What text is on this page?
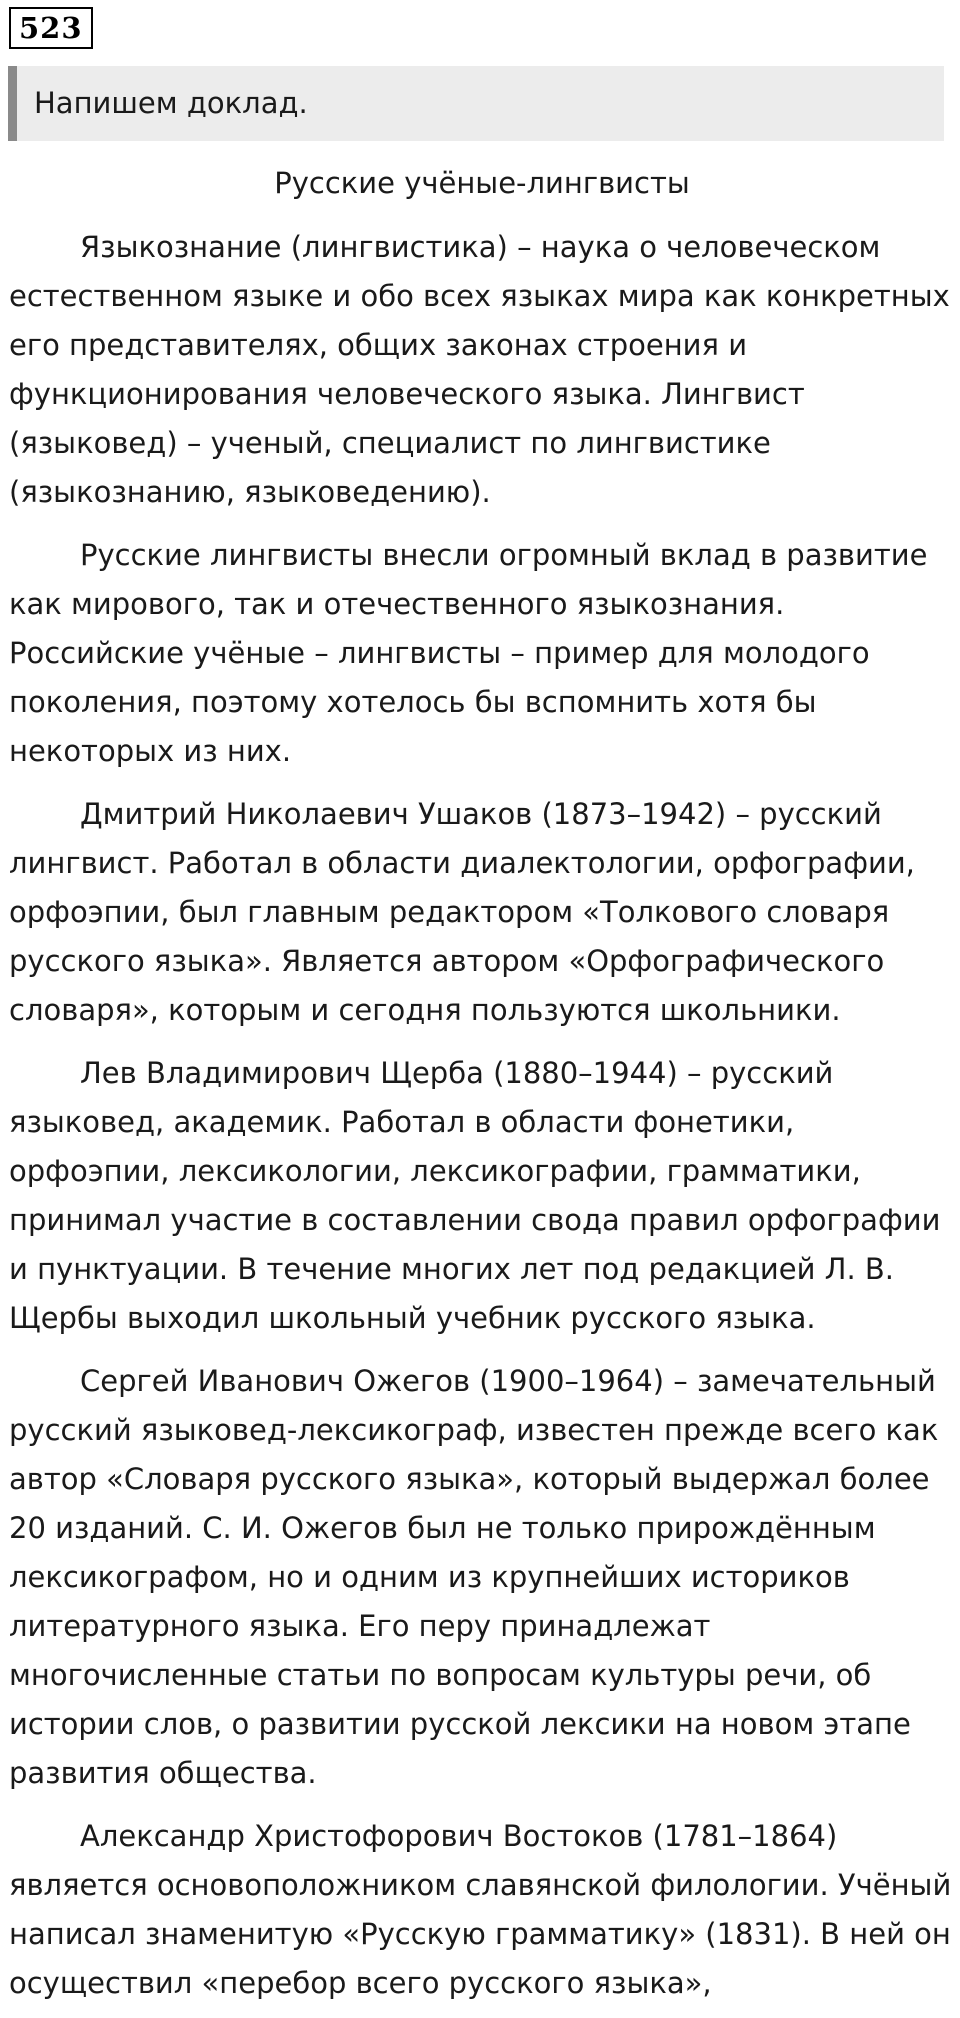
523
Напишем доклад.
Русские учёные-лингвисты

Языкознание (лингвистика) – наука о человеческом естественном языке и обо всех языках мира как конкретных его представителях, общих законах строения и функционирования человеческого языка. Лингвист (языковед) – ученый, специалист по лингвистике (языкознанию, языковедению).

Русские лингвисты внесли огромный вклад в развитие как мирового, так и отечественного языкознания. Российские учёные – лингвисты – пример для молодого поколения, поэтому хотелось бы вспомнить хотя бы некоторых из них.

Дмитрий Николаевич Ушаков (1873–1942) – русский лингвист. Работал в области диалектологии, орфографии, орфоэпии, был главным редактором «Толкового словаря русского языка». Является автором «Орфографического словаря», которым и сегодня пользуются школьники.

Лев Владимирович Щерба (1880–1944) – русский языковед, академик. Работал в области фонетики, орфоэпии, лексикологии, лексикографии, грамматики, принимал участие в составлении свода правил орфографии и пунктуации. В течение многих лет под редакцией Л. В. Щербы выходил школьный учебник русского языка.

Сергей Иванович Ожегов (1900–1964) – замечательный русский языковед-лексикограф, известен прежде всего как автор «Словаря русского языка», который выдержал более 20 изданий. С. И. Ожегов был не только прирождённым лексикографом, но и одним из крупнейших историков литературного языка. Его перу принадлежат многочисленные статьи по вопросам культуры речи, об истории слов, о развитии русской лексики на новом этапе развития общества.

Александр Христофорович Востоков (1781–1864) является основоположником славянской филологии. Учёный написал знаменитую «Русскую грамматику» (1831). В ней он осуществил «перебор всего русского языка»,
